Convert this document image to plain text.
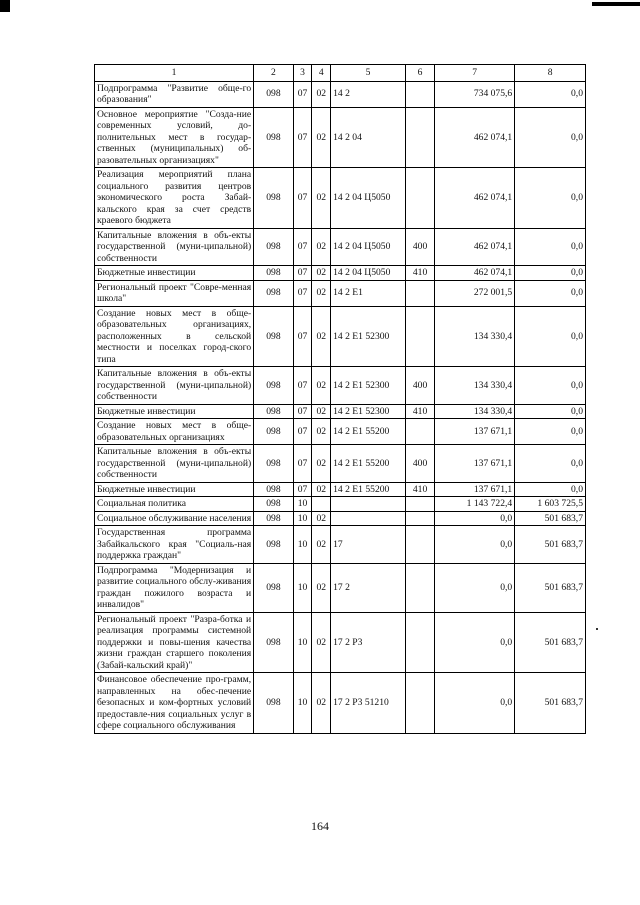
1	2	3	4	5	6	7	8
Подпрограмма "Развитие обще-го образования"	098	07	02	14 2		734 075,6	0,0
Основное мероприятие "Созда-ние современных условий, до-полнительных мест в государ-ственных (муниципальных) об-разовательных организациях"	098	07	02	14 2 04		462 074,1	0,0
Реализация мероприятий плана социального развития центров экономического роста Забай-кальского края за счет средств краевого бюджета	098	07	02	14 2 04 Ц5050		462 074,1	0,0
Капитальные вложения в объ-екты государственной (муни-ципальной) собственности	098	07	02	14 2 04 Ц5050	400	462 074,1	0,0
Бюджетные инвестиции	098	07	02	14 2 04 Ц5050	410	462 074,1	0,0
Региональный проект "Совре-менная школа"	098	07	02	14 2 E1		272 001,5	0,0
Создание новых мест в обще-образовательных организациях, расположенных в сельской местности и поселках город-ского типа	098	07	02	14 2 E1 52300		134 330,4	0,0
Капитальные вложения в объ-екты государственной (муни-ципальной) собственности	098	07	02	14 2 E1 52300	400	134 330,4	0,0
Бюджетные инвестиции	098	07	02	14 2 E1 52300	410	134 330,4	0,0
Создание новых мест в обще-образовательных организациях	098	07	02	14 2 E1 55200		137 671,1	0,0
Капитальные вложения в объ-екты государственной (муни-ципальной) собственности	098	07	02	14 2 E1 55200	400	137 671,1	0,0
Бюджетные инвестиции	098	07	02	14 2 E1 55200	410	137 671,1	0,0
Социальная политика	098	10				1 143 722,4	1 603 725,5
Социальное обслуживание населения	098	10	02			0,0	501 683,7
Государственная программа Забайкальского края "Социаль-ная поддержка граждан"	098	10	02	17		0,0	501 683,7
Подпрограмма "Модернизация и развитие социального обслу-живания граждан пожилого возраста и инвалидов"	098	10	02	17 2		0,0	501 683,7
Региональный проект "Разра-ботка и реализация программы системной поддержки и повы-шения качества жизни граждан старшего поколения (Забай-кальский край)"	098	10	02	17 2 P3		0,0	501 683,7
Финансовое обеспечение про-грамм, направленных на обес-печение безопасных и ком-фортных условий предоставле-ния социальных услуг в сфере социального обслуживания	098	10	02	17 2 P3 51210		0,0	501 683,7
164
